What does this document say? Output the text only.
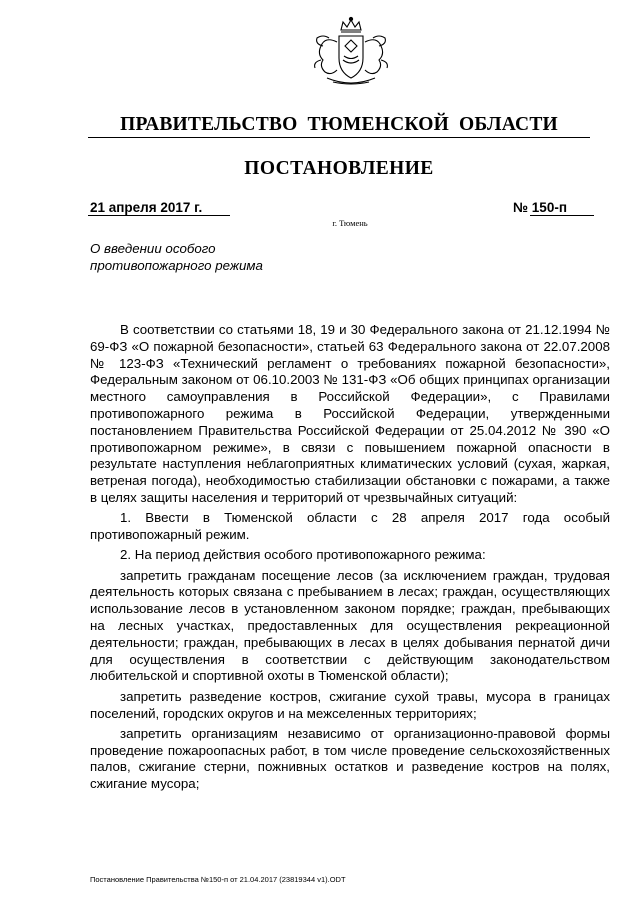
ПРАВИТЕЛЬСТВО ТЮМЕНСКОЙ ОБЛАСТИ
ПОСТАНОВЛЕНИЕ
21 апреля 2017 г.	№ 150-п
г. Тюмень
О введении особого
противопожарного режима

В соответствии со статьями 18, 19 и 30 Федерального закона от 21.12.1994 № 69-ФЗ «О пожарной безопасности», статьей 63 Федерального закона от 22.07.2008 № 123-ФЗ «Технический регламент о требованиях пожарной безопасности», Федеральным законом от 06.10.2003 № 131-ФЗ «Об общих принципах организации местного самоуправления в Российской Федерации», с Правилами противопожарного режима в Российской Федерации, утвержденными постановлением Правительства Российской Федерации от 25.04.2012 № 390 «О противопожарном режиме», в связи с повышением пожарной опасности в результате наступления неблагоприятных климатических условий (сухая, жаркая, ветреная погода), необходимостью стабилизации обстановки с пожарами, а также в целях защиты населения и территорий от чрезвычайных ситуаций:

1. Ввести в Тюменской области с 28 апреля 2017 года особый противопожарный режим.

2. На период действия особого противопожарного режима:

запретить гражданам посещение лесов (за исключением граждан, трудовая деятельность которых связана с пребыванием в лесах; граждан, осуществляющих использование лесов в установленном законом порядке; граждан, пребывающих на лесных участках, предоставленных для осуществления рекреационной деятельности; граждан, пребывающих в лесах в целях добывания пернатой дичи для осуществления в соответствии с действующим законодательством любительской и спортивной охоты в Тюменской области);

запретить разведение костров, сжигание сухой травы, мусора в границах поселений, городских округов и на межселенных территориях;

запретить организациям независимо от организационно-правовой формы проведение пожароопасных работ, в том числе проведение сельскохозяйственных палов, сжигание стерни, пожнивных остатков и разведение костров на полях, сжигание мусора;

Постановление Правительства №150-п от 21.04.2017 (23819344 v1).ODT
